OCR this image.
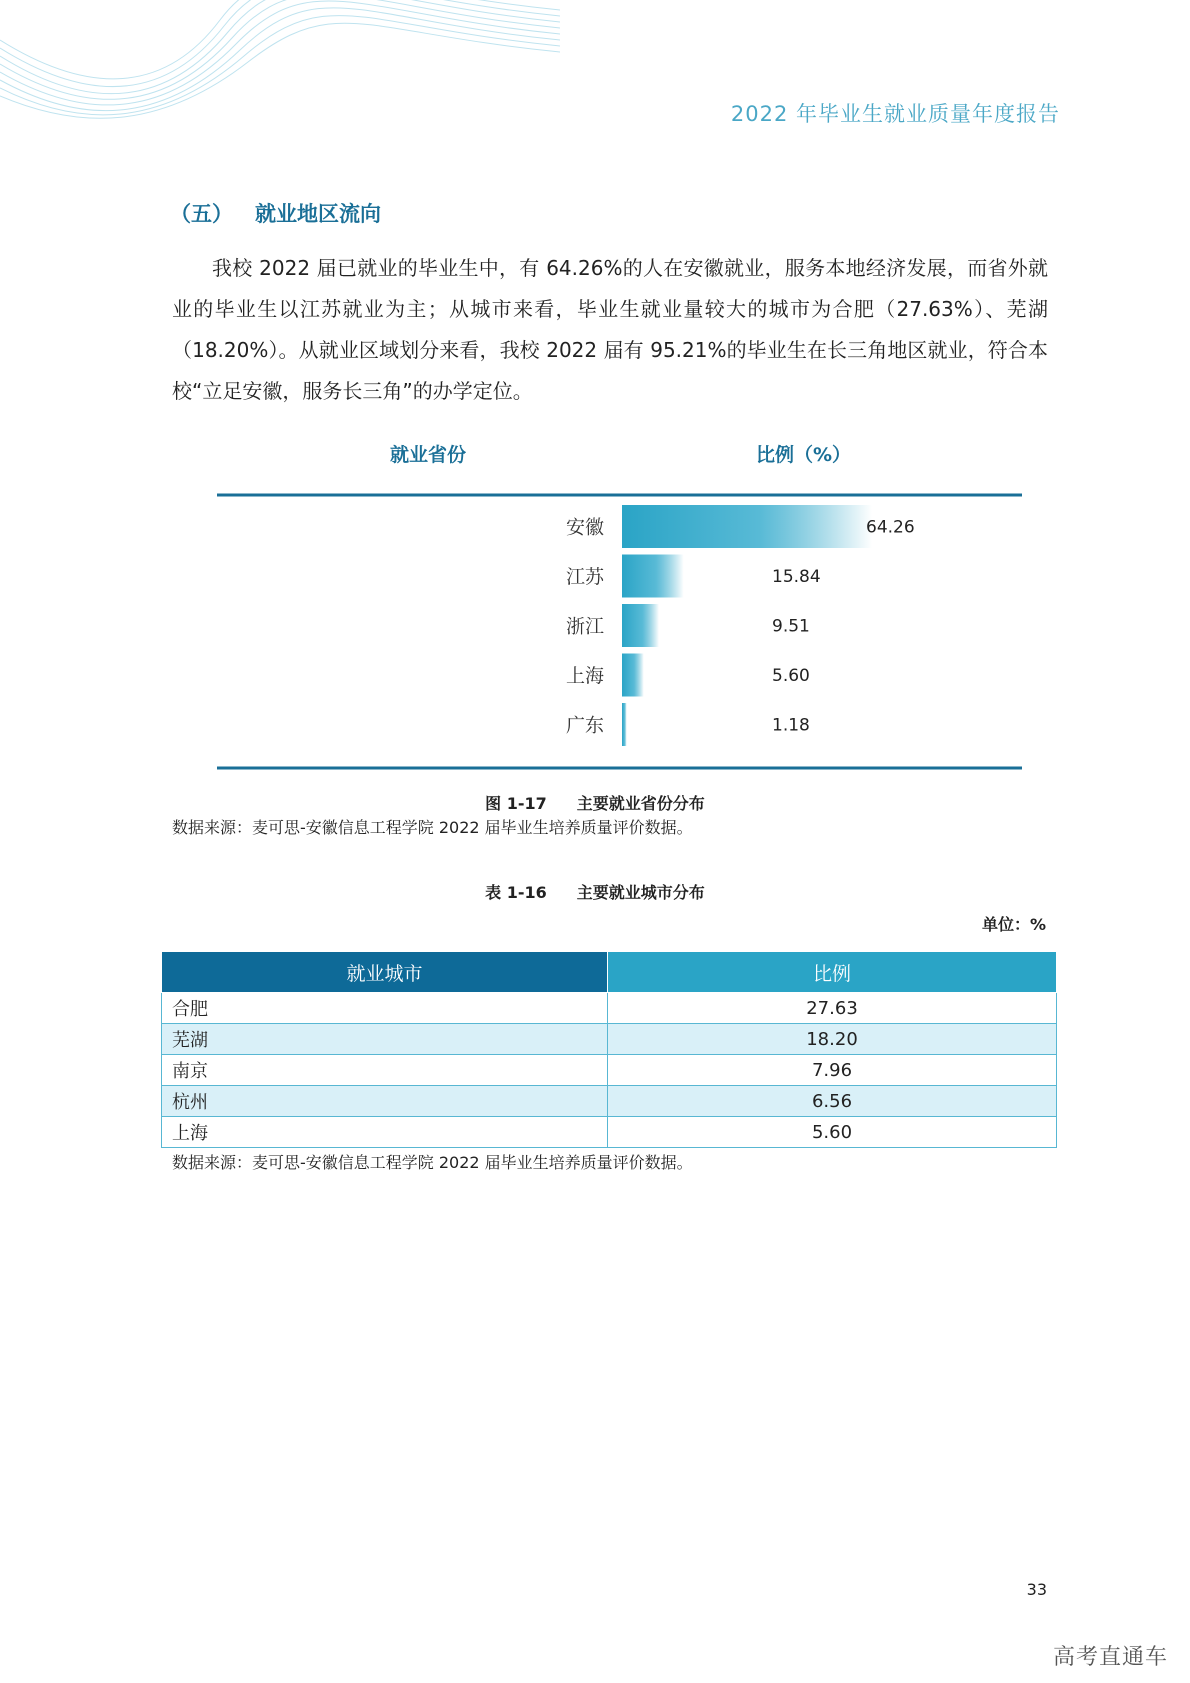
2022 年毕业生就业质量年度报告
（五） 就业地区流向

我校 2022 届已就业的毕业生中，有 64.26%的人在安徽就业，服务本地经济发展，而省外就业的毕业生以江苏就业为主；从城市来看，毕业生就业量较大的城市为合肥（27.63%）、芜湖（18.20%）。从就业区域划分来看，我校 2022 届有 95.21%的毕业生在长三角地区就业，符合本校“立足安徽，服务长三角”的办学定位。

就业省份	比例（%）
安徽	64.26
江苏	15.84
浙江	9.51
上海	5.60
广东	1.18
图 1-17 主要就业省份分布
数据来源：麦可思-安徽信息工程学院 2022 届毕业生培养质量评价数据。
表 1-16 主要就业城市分布
单位：%
就业城市	比例
合肥	27.63
芜湖	18.20
南京	7.96
杭州	6.56
上海	5.60
数据来源：麦可思-安徽信息工程学院 2022 届毕业生培养质量评价数据。
33
高考直通车
